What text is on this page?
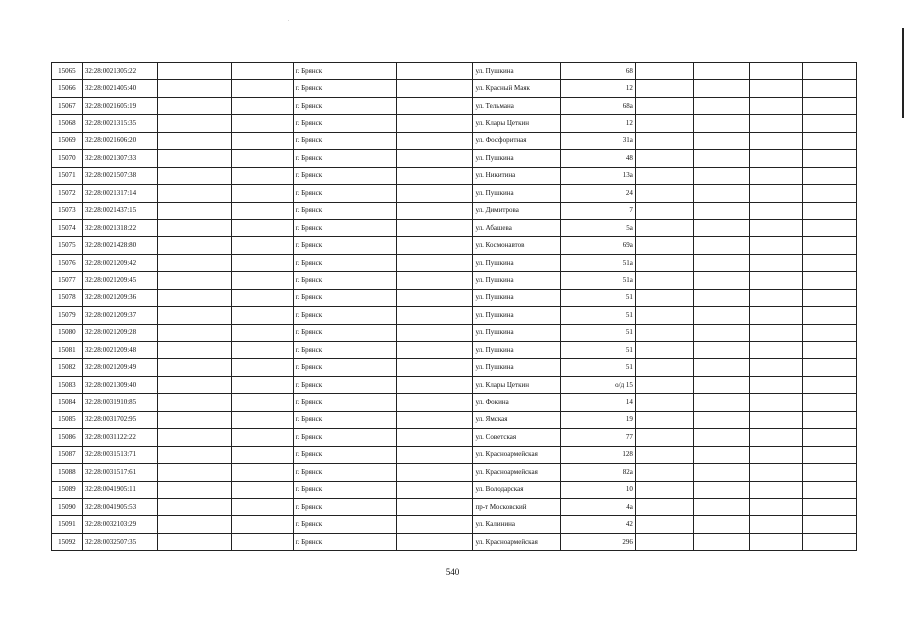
15065	32:28:0021305:22			г. Брянск		ул. Пушкина	68				
15066	32:28:0021405:40			г. Брянск		ул. Красный Маяк	12				
15067	32:28:0021605:19			г. Брянск		ул. Тельмана	68а				
15068	32:28:0021315:35			г. Брянск		ул. Клары Цеткин	12				
15069	32:28:0021606:20			г. Брянск		ул. Фосфоритная	31а				
15070	32:28:0021307:33			г. Брянск		ул. Пушкина	48				
15071	32:28:0021507:38			г. Брянск		ул. Никитина	13а				
15072	32:28:0021317:14			г. Брянск		ул. Пушкина	24				
15073	32:28:0021437:15			г. Брянск		ул. Димитрова	7				
15074	32:28:0021318:22			г. Брянск		ул. Абашева	5а				
15075	32:28:0021428:80			г. Брянск		ул. Космонавтов	69а				
15076	32:28:0021209:42			г. Брянск		ул. Пушкина	51а				
15077	32:28:0021209:45			г. Брянск		ул. Пушкина	51а				
15078	32:28:0021209:36			г. Брянск		ул. Пушкина	51				
15079	32:28:0021209:37			г. Брянск		ул. Пушкина	51				
15080	32:28:0021209:28			г. Брянск		ул. Пушкина	51				
15081	32:28:0021209:48			г. Брянск		ул. Пушкина	51				
15082	32:28:0021209:49			г. Брянск		ул. Пушкина	51				
15083	32:28:0021309:40			г. Брянск		ул. Клары Цеткин	о/д 15				
15084	32:28:0031910:85			г. Брянск		ул. Фокина	14				
15085	32:28:0031702:95			г. Брянск		ул. Ямская	19				
15086	32:28:0031122:22			г. Брянск		ул. Советская	77				
15087	32:28:0031513:71			г. Брянск		ул. Красноармейская	128				
15088	32:28:0031517:61			г. Брянск		ул. Красноармейская	82а				
15089	32:28:0041905:11			г. Брянск		ул. Володарская	10				
15090	32:28:0041905:53			г. Брянск		пр-т Московский	4а				
15091	32:28:0032103:29			г. Брянск		ул. Калинина	42				
15092	32:28:0032507:35			г. Брянск		ул. Красноармейская	296				
540
